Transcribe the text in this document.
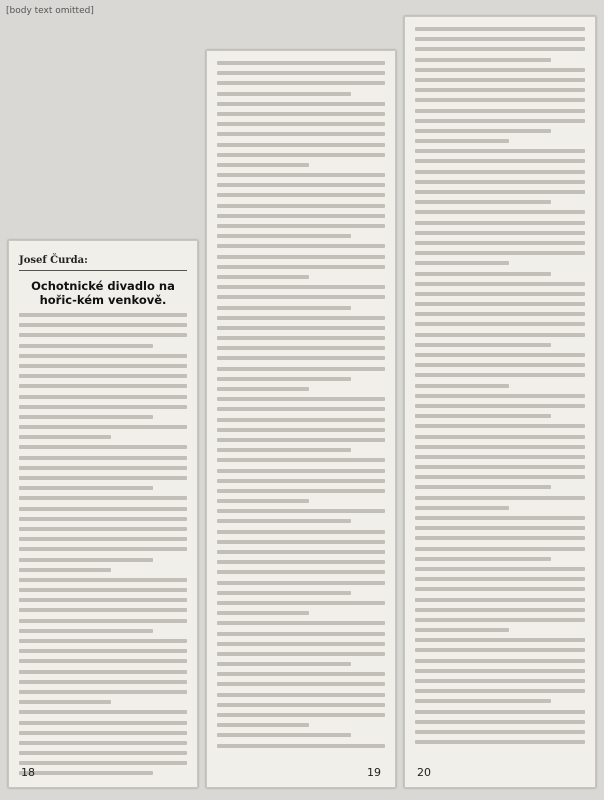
[body text omitted]
Josef Čurda:
Ochotnické divadlo na hořic-kém venkově.
18	19	20
